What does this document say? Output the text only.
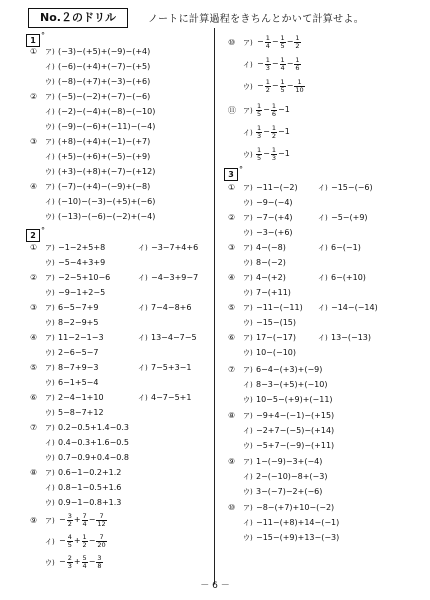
No.２のドリル	ノートに計算過程をきちんとかいて計算せよ。
1 °
① ア) (−3)−(+5)+(−9)−(+4)
イ) (−6)−(+4)+(−7)−(+5)
ウ) (−8)−(+7)+(−3)−(+6)
② ア) (−5)−(−2)+(−7)−(−6)
イ) (−2)−(−4)+(−8)−(−10)
ウ) (−9)−(−6)+(−11)−(−4)
③ ア) (+8)−(+4)+(−1)−(+7)
イ) (+5)−(+6)+(−5)−(+9)
ウ) (+3)−(+8)+(−7)−(+12)
④ ア) (−7)−(+4)−(−9)+(−8)
イ) (−10)−(−3)−(+5)+(−6)
ウ) (−13)−(−6)−(−2)+(−4)
2 °
① ア) −1−2+5+8	イ) −3−7+4+6
ウ) −5−4+3+9
② ア) −2−5+10−6	イ) −4−3+9−7
ウ) −9−1+2−5
③ ア) 6−5−7+9	イ) 7−4−8+6
ウ) 8−2−9+5
④ ア) 11−2−1−3	イ) 13−4−7−5
ウ) 2−6−5−7
⑤ ア) 8−7+9−3	イ) 7−5+3−1
ウ) 6−1+5−4
⑥ ア) 2−4−1+10	イ) 4−7−5+1
ウ) 5−8−7+12
⑦ ア) 0.2−0.5+1.4−0.3
イ) 0.4−0.3+1.6−0.5
ウ) 0.7−0.9+0.4−0.8
⑧ ア) 0.6−1−0.2+1.2
イ) 0.8−1−0.5+1.6
ウ) 0.9−1−0.8+1.3
⑨ ア) − $\frac{3}{2} + \frac{7}{4} - \frac{7}{12}$
イ) − $\frac{4}{5} + \frac{1}{2} - \frac{7}{20}$
ウ) − $\frac{2}{3} + \frac{5}{4} - \frac{3}{8}$
⑩ ア) − $\frac{1}{4} - \frac{1}{5} - \frac{1}{2}$
イ) − $\frac{1}{3} - \frac{1}{4} - \frac{1}{6}$
ウ) − $\frac{1}{2} - \frac{1}{5} - \frac{1}{10}$
⑪ ア) $\frac{1}{5} - \frac{1}{6} -1$
イ) $\frac{1}{3} - \frac{1}{2} -1$
ウ) $\frac{1}{5} - \frac{1}{3} -1$
3 °
① ア) −11−(−2)	イ) −15−(−6)
ウ) −9−(−4)
② ア) −7−(+4)	イ) −5−(+9)
ウ) −3−(+6)
③ ア) 4−(−8)	イ) 6−(−1)
ウ) 8−(−2)
④ ア) 4−(+2)	イ) 6−(+10)
ウ) 7−(+11)
⑤ ア) −11−(−11) イ) −14−(−14)
ウ) −15−(15)
⑥ ア) 17−(−17)	イ) 13−(−13)
ウ) 10−(−10)
⑦ ア) 6−4−(+3)+(−9)
イ) 8−3−(+5)+(−10)
ウ) 10−5−(+9)+(−11)
⑧ ア) −9+4−(−1)−(+15)
イ) −2+7−(−5)−(+14)
ウ) −5+7−(−9)−(+11)
⑨ ア) 1−(−9)−3+(−4)
イ) 2−(−10)−8+(−3)
ウ) 3−(−7)−2+(−6)
⑩ ア) −8−(+7)+10−(−2)
イ) −11−(+8)+14−(−1)
ウ) −15−(+9)+13−(−3)
－ 6 －
